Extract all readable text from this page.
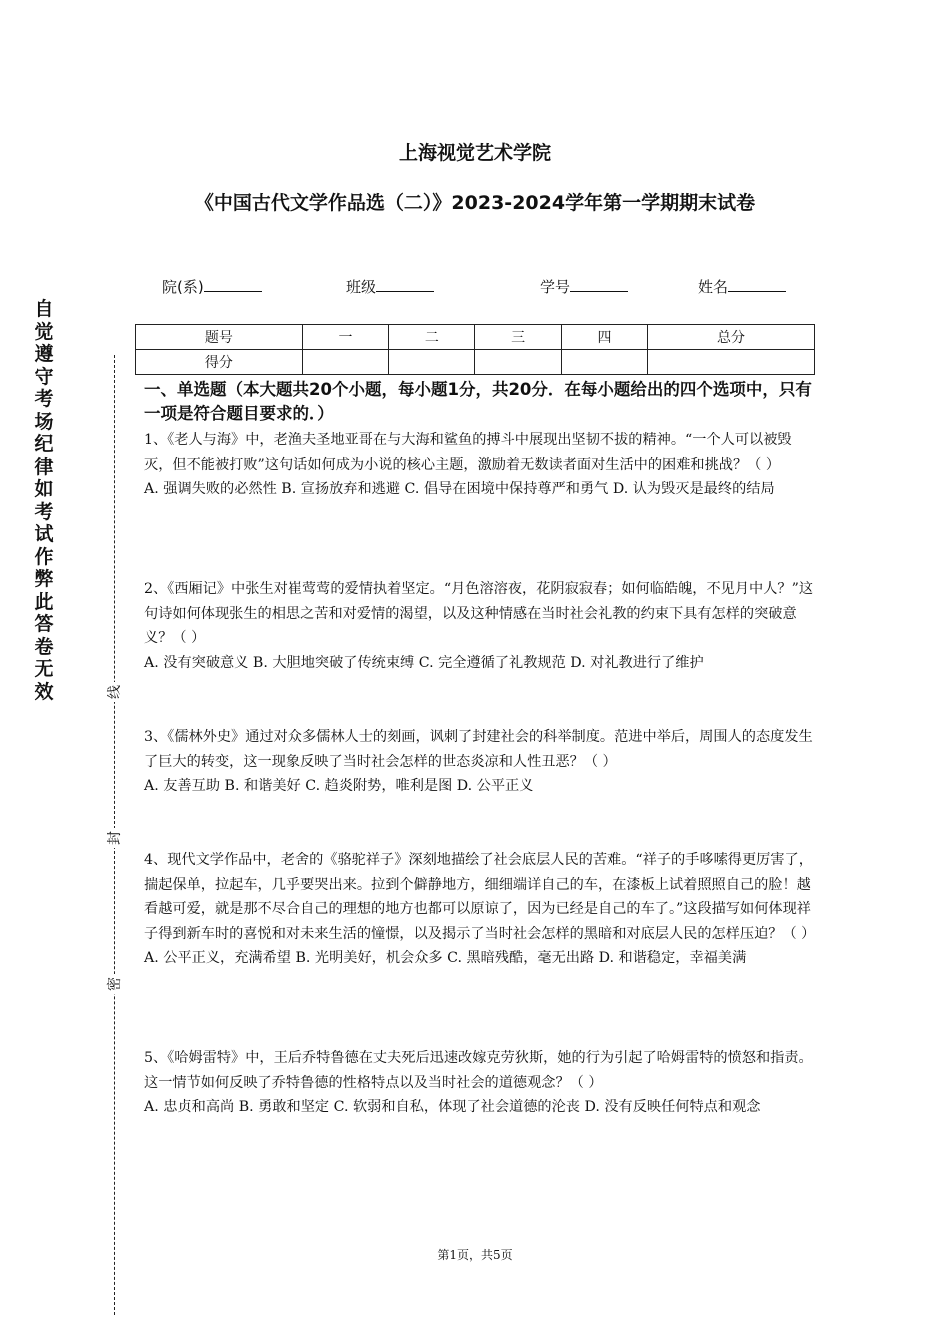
自觉遵守考场纪律如考试作弊此答卷无效	线
封
密
上海视觉艺术学院
《中国古代文学作品选（二）》2023-2024学年第一学期期末试卷
院(系)	班级	学号	姓名
题号	一	二	三	四	总分
得分					
一、单选题（本大题共20个小题，每小题1分，共20分．在每小题给出的四个选项中，只有一项是符合题目要求的．）

1、《老人与海》中，老渔夫圣地亚哥在与大海和鲨鱼的搏斗中展现出坚韧不拔的精神。“一个人可以被毁灭，但不能被打败”这句话如何成为小说的核心主题，激励着无数读者面对生活中的困难和挑战？（ ）

A. 强调失败的必然性 B. 宣扬放弃和逃避 C. 倡导在困境中保持尊严和勇气 D. 认为毁灭是最终的结局

2、《西厢记》中张生对崔莺莺的爱情执着坚定。“月色溶溶夜，花阴寂寂春；如何临皓魄，不见月中人？”这句诗如何体现张生的相思之苦和对爱情的渴望，以及这种情感在当时社会礼教的约束下具有怎样的突破意义？（ ）

A. 没有突破意义 B. 大胆地突破了传统束缚 C. 完全遵循了礼教规范 D. 对礼教进行了维护

3、《儒林外史》通过对众多儒林人士的刻画，讽刺了封建社会的科举制度。范进中举后，周围人的态度发生了巨大的转变，这一现象反映了当时社会怎样的世态炎凉和人性丑恶？（ ）

A. 友善互助 B. 和谐美好 C. 趋炎附势，唯利是图 D. 公平正义

4、现代文学作品中，老舍的《骆驼祥子》深刻地描绘了社会底层人民的苦难。“祥子的手哆嗦得更厉害了，揣起保单，拉起车，几乎要哭出来。拉到个僻静地方，细细端详自己的车，在漆板上试着照照自己的脸！越看越可爱，就是那不尽合自己的理想的地方也都可以原谅了，因为已经是自己的车了。”这段描写如何体现祥子得到新车时的喜悦和对未来生活的憧憬，以及揭示了当时社会怎样的黑暗和对底层人民的怎样压迫？（ ）

A. 公平正义，充满希望 B. 光明美好，机会众多 C. 黑暗残酷，毫无出路 D. 和谐稳定，幸福美满

5、《哈姆雷特》中，王后乔特鲁德在丈夫死后迅速改嫁克劳狄斯，她的行为引起了哈姆雷特的愤怒和指责。这一情节如何反映了乔特鲁德的性格特点以及当时社会的道德观念？（ ）

A. 忠贞和高尚 B. 勇敢和坚定 C. 软弱和自私，体现了社会道德的沦丧 D. 没有反映任何特点和观念

第1页，共5页
